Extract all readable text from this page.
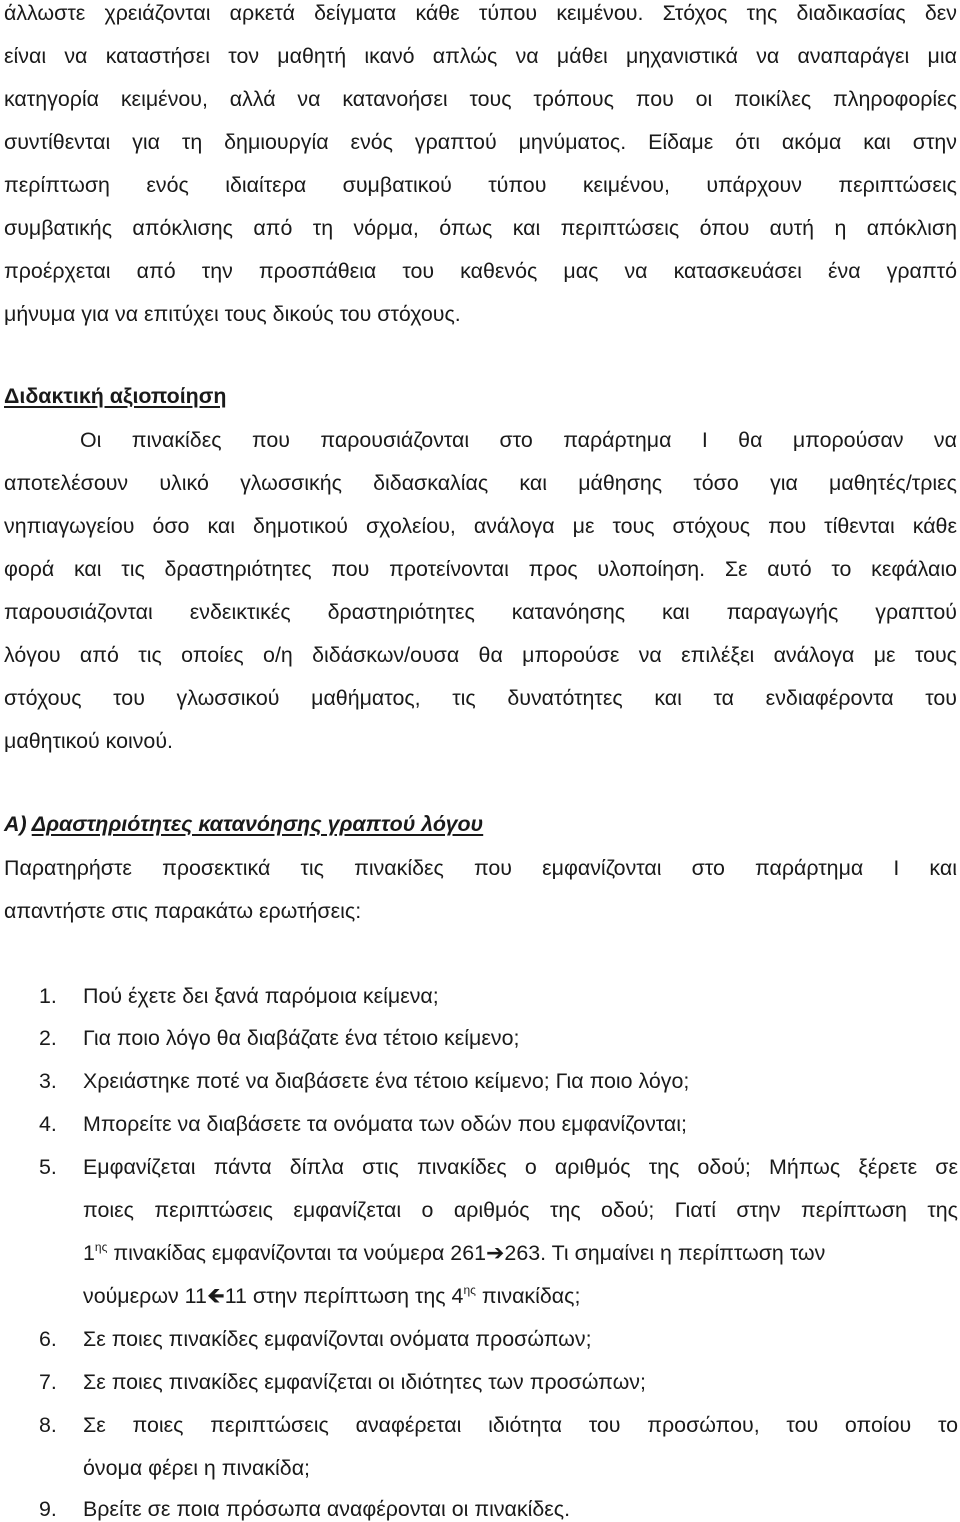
άλλωστε χρειάζονται αρκετά δείγματα κάθε τύπου κειμένου. Στόχος της διαδικασίας δεν
είναι να καταστήσει τον μαθητή ικανό απλώς να μάθει μηχανιστικά να αναπαράγει μια
κατηγορία κειμένου, αλλά να κατανοήσει τους τρόπους που οι ποικίλες πληροφορίες
συντίθενται για τη δημιουργία ενός γραπτού μηνύματος. Είδαμε ότι ακόμα και στην
περίπτωση ενός ιδιαίτερα συμβατικού τύπου κειμένου, υπάρχουν περιπτώσεις
συμβατικής απόκλισης από τη νόρμα, όπως και περιπτώσεις όπου αυτή η απόκλιση
προέρχεται από την προσπάθεια του καθενός μας να κατασκευάσει ένα γραπτό
μήνυμα για να επιτύχει τους δικούς του στόχους.
Διδακτική αξιοποίηση
Οι πινακίδες που παρουσιάζονται στο παράρτημα Ι θα μπορούσαν να
αποτελέσουν υλικό γλωσσικής διδασκαλίας και μάθησης τόσο για μαθητές/τριες
νηπιαγωγείου όσο και δημοτικού σχολείου, ανάλογα με τους στόχους που τίθενται κάθε
φορά και τις δραστηριότητες που προτείνονται προς υλοποίηση. Σε αυτό το κεφάλαιο
παρουσιάζονται ενδεικτικές δραστηριότητες κατανόησης και παραγωγής γραπτού
λόγου από τις οποίες ο/η διδάσκων/ουσα θα μπορούσε να επιλέξει ανάλογα με τους
στόχους του γλωσσικού μαθήματος, τις δυνατότητες και τα ενδιαφέροντα του
μαθητικού κοινού.
Α) Δραστηριότητες κατανόησης γραπτού λόγου
Παρατηρήστε προσεκτικά τις πινακίδες που εμφανίζονται στο παράρτημα Ι και
απαντήστε στις παρακάτω ερωτήσεις:
1.	Πού έχετε δει ξανά παρόμοια κείμενα;
2.	Για ποιο λόγο θα διαβάζατε ένα τέτοιο κείμενο;
3.	Χρειάστηκε ποτέ να διαβάσετε ένα τέτοιο κείμενο; Για ποιο λόγο;
4.	Μπορείτε να διαβάσετε τα ονόματα των οδών που εμφανίζονται;
5.	Εμφανίζεται πάντα δίπλα στις πινακίδες ο αριθμός της οδού; Μήπως ξέρετε σε
ποιες περιπτώσεις εμφανίζεται ο αριθμός της οδού; Γιατί στην περίπτωση της
$1^{\eta\varsigma}$ πινακίδας εμφανίζονται τα νούμερα 261➔263. Τι σημαίνει η περίπτωση των
νούμερων 11🡸11 στην περίπτωση της $4^{\eta\varsigma}$ πινακίδας;
6.	Σε ποιες πινακίδες εμφανίζονται ονόματα προσώπων;
7.	Σε ποιες πινακίδες εμφανίζεται οι ιδιότητες των προσώπων;
8.	Σε ποιες περιπτώσεις αναφέρεται ιδιότητα του προσώπου, του οποίου το
όνομα φέρει η πινακίδα;
9.	Βρείτε σε ποια πρόσωπα αναφέρονται οι πινακίδες.
